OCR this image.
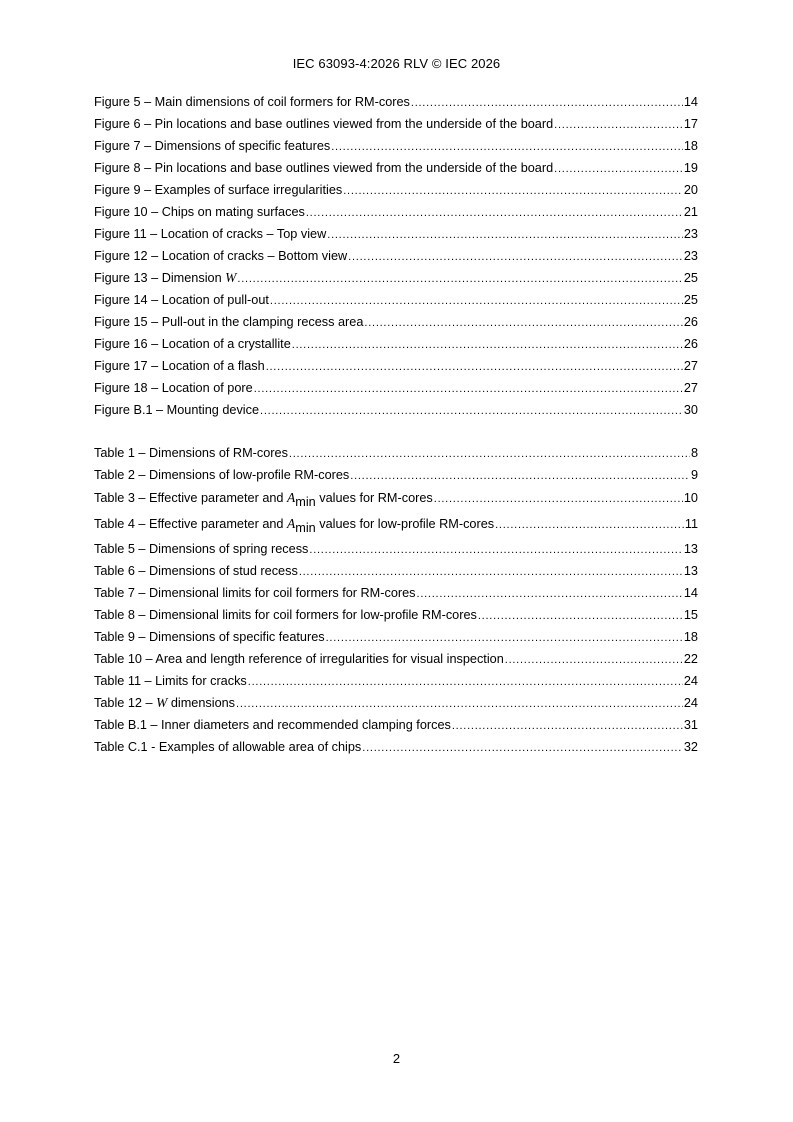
IEC 63093-4:2026 RLV © IEC 2026
Figure 5 – Main dimensions of coil formers for RM-cores .....	14
Figure 6 – Pin locations and base outlines viewed from the underside of the board .....	17
Figure 7 – Dimensions of specific features .....	18
Figure 8 – Pin locations and base outlines viewed from the underside of the board .....	19
Figure 9 – Examples of surface irregularities .....	20
Figure 10 – Chips on mating surfaces .....	21
Figure 11 – Location of cracks – Top view .....	23
Figure 12 – Location of cracks – Bottom view .....	23
Figure 13 – Dimension W .....	25
Figure 14 – Location of pull-out .....	25
Figure 15 – Pull-out in the clamping recess area .....	26
Figure 16 – Location of a crystallite .....	26
Figure 17 – Location of a flash .....	27
Figure 18 – Location of pore .....	27
Figure B.1 – Mounting device .....	30
Table 1 – Dimensions of RM-cores .....	8
Table 2 – Dimensions of low-profile RM-cores .....	9
Table 3 – Effective parameter and $A_{min}$ values for RM-cores .....	10
Table 4 – Effective parameter and $A_{min}$ values for low-profile RM-cores .....	11
Table 5 – Dimensions of spring recess .....	13
Table 6 – Dimensions of stud recess .....	13
Table 7 – Dimensional limits for coil formers for RM-cores .....	14
Table 8 – Dimensional limits for coil formers for low-profile RM-cores .....	15
Table 9 – Dimensions of specific features .....	18
Table 10 – Area and length reference of irregularities for visual inspection .....	22
Table 11 – Limits for cracks .....	24
Table 12 – W dimensions .....	24
Table B.1 – Inner diameters and recommended clamping forces .....	31
Table C.1 - Examples of allowable area of chips .....	32
2
